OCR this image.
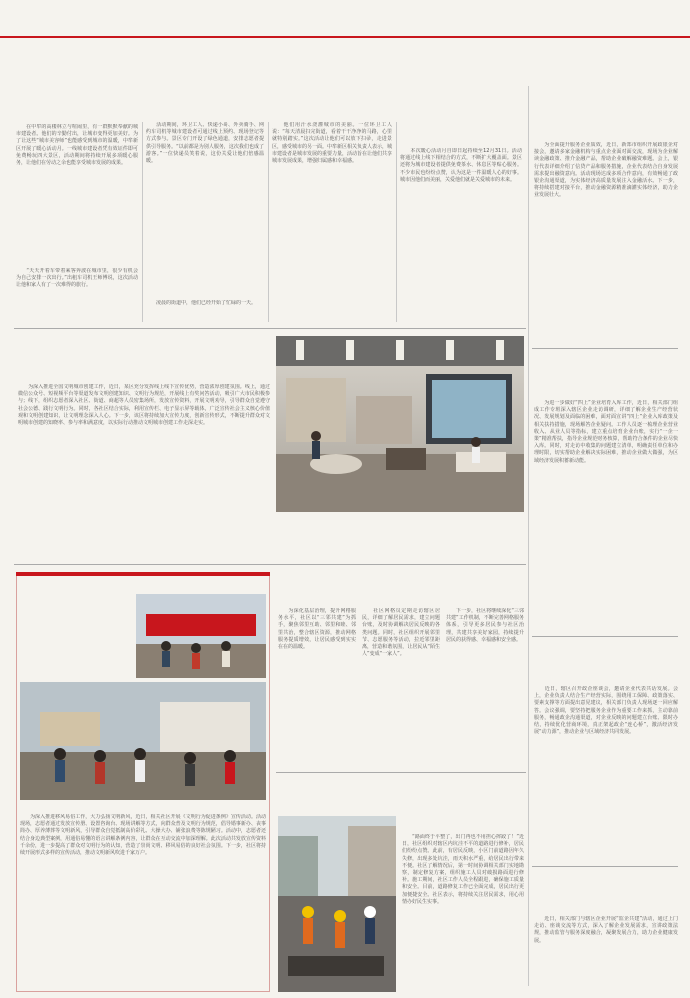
　　在中牟的高楼林立与喧闹里，有一群默默奉献的城市建设者。他们的辛勤付出，让城市变得更加美好。为了让这些“城市美容师”也能感受到城市的温暖，中牟新区开展了暖心活动月。一线城市建设者凭有效证件即可免费畅玩四大景区，活动期间将持续开展多项暖心服务，让他们在劳动之余也能享受城市发展的成果。
　　“天天开着车带着乘客奔波在城市里，很少有机会为自己安排一次出行。”出租车司机王师傅说，这次活动让他和家人有了一次难得的旅行。
　　活动期间，环卫工人、快递小哥、外卖骑手、网约车司机等城市建设者可通过线上预约、现场登记等方式参与。景区专门开设了绿色通道，安排志愿者提供引导服务。“以前都是为别人服务，这次我们也成了游客。”一位快递员笑着说，这份关爱让他们倍感温暖。
　　凌晨的街道中，他们已经开始了忙碌的一天。
　　他们用汗水浇灌城市的美丽。一位环卫工人说：“每天清晨扫完街道，看着干干净净的马路，心里就特别踏实。”这次活动让他们可以放下扫帚，走进景区，感受城市的另一面。中牟新区相关负责人表示，城市建设者是城市发展的重要力量，活动旨在让他们共享城市发展成果，增强归属感和幸福感。
　　本次暖心活动月自即日起持续至12月31日。活动将通过线上线下相结合的方式，不断扩大覆盖面。景区还将为城市建设者提供免费茶水、休息区等贴心服务。不少市民也纷纷点赞，认为这是一件温暖人心的好事。城市因他们而美丽，关爱他们就是关爱城市的未来。
　　为全面提升服务企业质效，近日，新郑市组织开展政银企对接会，邀请多家金融机构与重点企业面对面交流，现场为企业解读金融政策、推介金融产品，帮助企业破解融资难题。会上，银行代表详细介绍了信贷产品和服务措施，企业代表结合自身发展需求提出融资意向。活动现场达成多项合作意向，有效畅通了政银企沟通渠道，为实体经济高质量发展注入金融活水。下一步，将持续搭建对接平台，推动金融资源精准滴灌实体经济，助力企业发展壮大。
　　为进一步做好“四上”企业培育入库工作，近日，相关部门组成工作专班深入辖区企业走访调研，详细了解企业生产经营状况、发展规划及面临的困难，面对面宣讲“四上”企业入库政策及相关扶持措施，现场解答企业疑问。工作人员逐一梳理企业营业收入、从业人员等指标，建立重点培育企业台账，实行“一企一策”精准帮扶，指导企业规范财务核算，帮助符合条件的企业尽快入库。同时，对走访中收集的问题建立清单，明确责任单位和办理时限，切实帮助企业解决实际困难，推动企业做大做强，为区域经济发展积蓄新动能。
　　近日，辖区召开政企座谈会，邀请企业代表共话发展。会上，企业负责人结合生产经营实际，围绕用工保障、政策落实、要素支撑等方面提出意见建议，相关部门负责人现场逐一回应解答。会议强调，要坚持把服务企业作为重要工作来抓，主动靠前服务，畅通政企沟通渠道，对企业反映的问题建立台账、限时办结，持续优化营商环境，真正架起政企“连心桥”，激活经济发展“动力源”，推动企业与区域经济共同发展。
　　近日，相关部门与辖区企业开展“监企共建”活动，通过上门走访、座谈交流等方式，深入了解企业发展需求，宣讲政策法规，推动监管与服务深度融合，凝聚发展合力，助力企业健康发展。
　　为深入推进全国文明城市创建工作，近日，某区充分发挥线上线下宣传优势，营造浓厚创建氛围。线上，通过微信公众号、短视频平台等渠道发布文明创建知识、文明行为规范，开展线上有奖问答活动，吸引广大市民积极参与；线下，组织志愿者深入社区、街道、商超等人员密集场所，发放宣传资料，开展文明劝导，引导群众自觉遵守社会公德、践行文明行为。同时，各社区结合实际，利用宣传栏、电子显示屏等载体，广泛宣传社会主义核心价值观和文明创建知识，让文明理念深入人心。下一步，该区将持续加大宣传力度，创新宣传形式，不断提升群众对文明城市创建的知晓率、参与率和满意度，以实际行动推动文明城市创建工作走深走实。
　　为深入推进移风易俗工作，大力弘扬文明新风，近日，相关社区开展《文明行为促进条例》宣传活动。活动现场，志愿者通过发放宣传册、设置咨询台、现场讲解等方式，向群众普及文明行为规范，倡导婚事新办、丧事简办、厚养薄葬等文明新风，引导群众自觉抵制高价彩礼、大操大办、铺张浪费等陈规陋习。活动中，志愿者还结合身边典型案例，用通俗易懂的语言讲解条例内容，让群众在互动交流中加深理解。此次活动共发放宣传资料千余份，进一步提高了群众对文明行为的认知，营造了崇尚文明、移风易俗的良好社会氛围。下一步，社区将持续开展形式多样的宣传活动，推动文明新风吹进千家万户。
　　为深化基层治理，提升网格服务水平，社区以“三邻共建”为抓手，聚焦邻里互助、邻里和睦、邻里共治，整合辖区资源，推动网格服务提质增效，让居民感受到实实在在的温暖。
　　社区网格员定期走访辖区居民，详细了解居民需求，建立问题台账，及时协调解决居民反映的各类问题。同时，社区组织开展邻里节、志愿服务等活动，拉近邻里距离，营造和谐氛围，让居民从“陌生人”变成“一家人”。
　　下一步，社区将继续深化“三邻共建”工作机制，不断完善网格服务体系，引导更多居民参与社区治理，共建共享美好家园，持续提升居民的获得感、幸福感和安全感。
　　“路面终于平整了，出门再也不用担心摔跤了！”近日，社区组织对辖区内坑洼不平的道路进行修补，居民们纷纷点赞。此前，有居民反映，小区门前道路因年久失修，出现多处坑洼，雨天积水严重，给居民出行带来不便。社区了解情况后，第一时间协调相关部门实地勘察，制定修复方案，组织施工人员对破损路面进行修补。施工期间，社区工作人员全程跟进，确保施工质量和安全。目前，道路修复工作已全面完成，居民出行更加便捷安全。社区表示，将持续关注居民需求，用心用情办好民生实事。
